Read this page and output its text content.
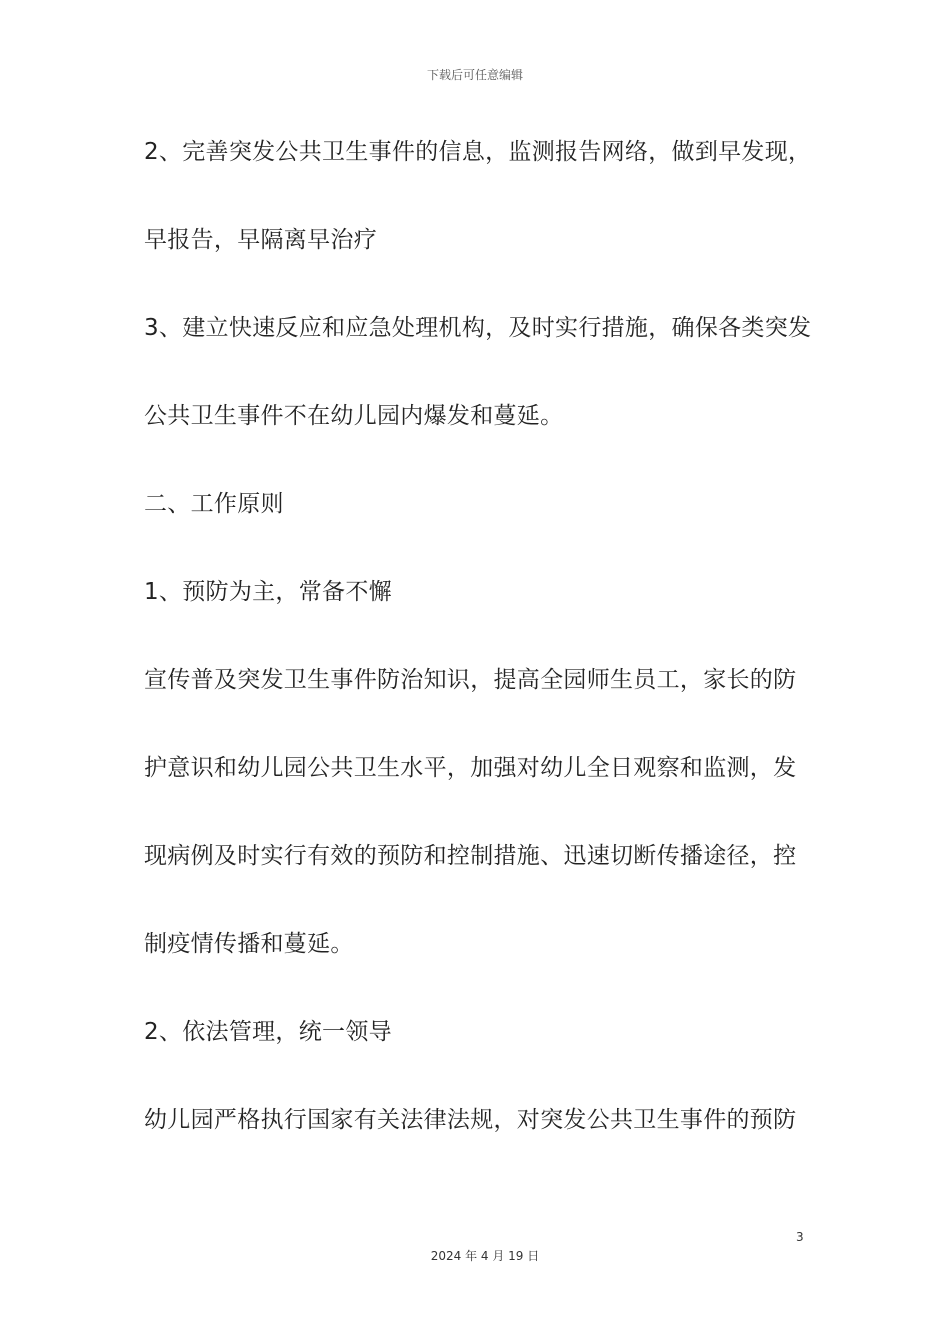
下载后可任意编辑
2、完善突发公共卫生事件的信息，监测报告网络，做到早发现，
早报告，早隔离早治疗
3、建立快速反应和应急处理机构，及时实行措施，确保各类突发
公共卫生事件不在幼儿园内爆发和蔓延。
二、工作原则
1、预防为主，常备不懈
宣传普及突发卫生事件防治知识，提高全园师生员工，家长的防
护意识和幼儿园公共卫生水平，加强对幼儿全日观察和监测，发
现病例及时实行有效的预防和控制措施、迅速切断传播途径，控
制疫情传播和蔓延。
2、依法管理，统一领导
幼儿园严格执行国家有关法律法规，对突发公共卫生事件的预防
3
2024 年 4 月 19 日
